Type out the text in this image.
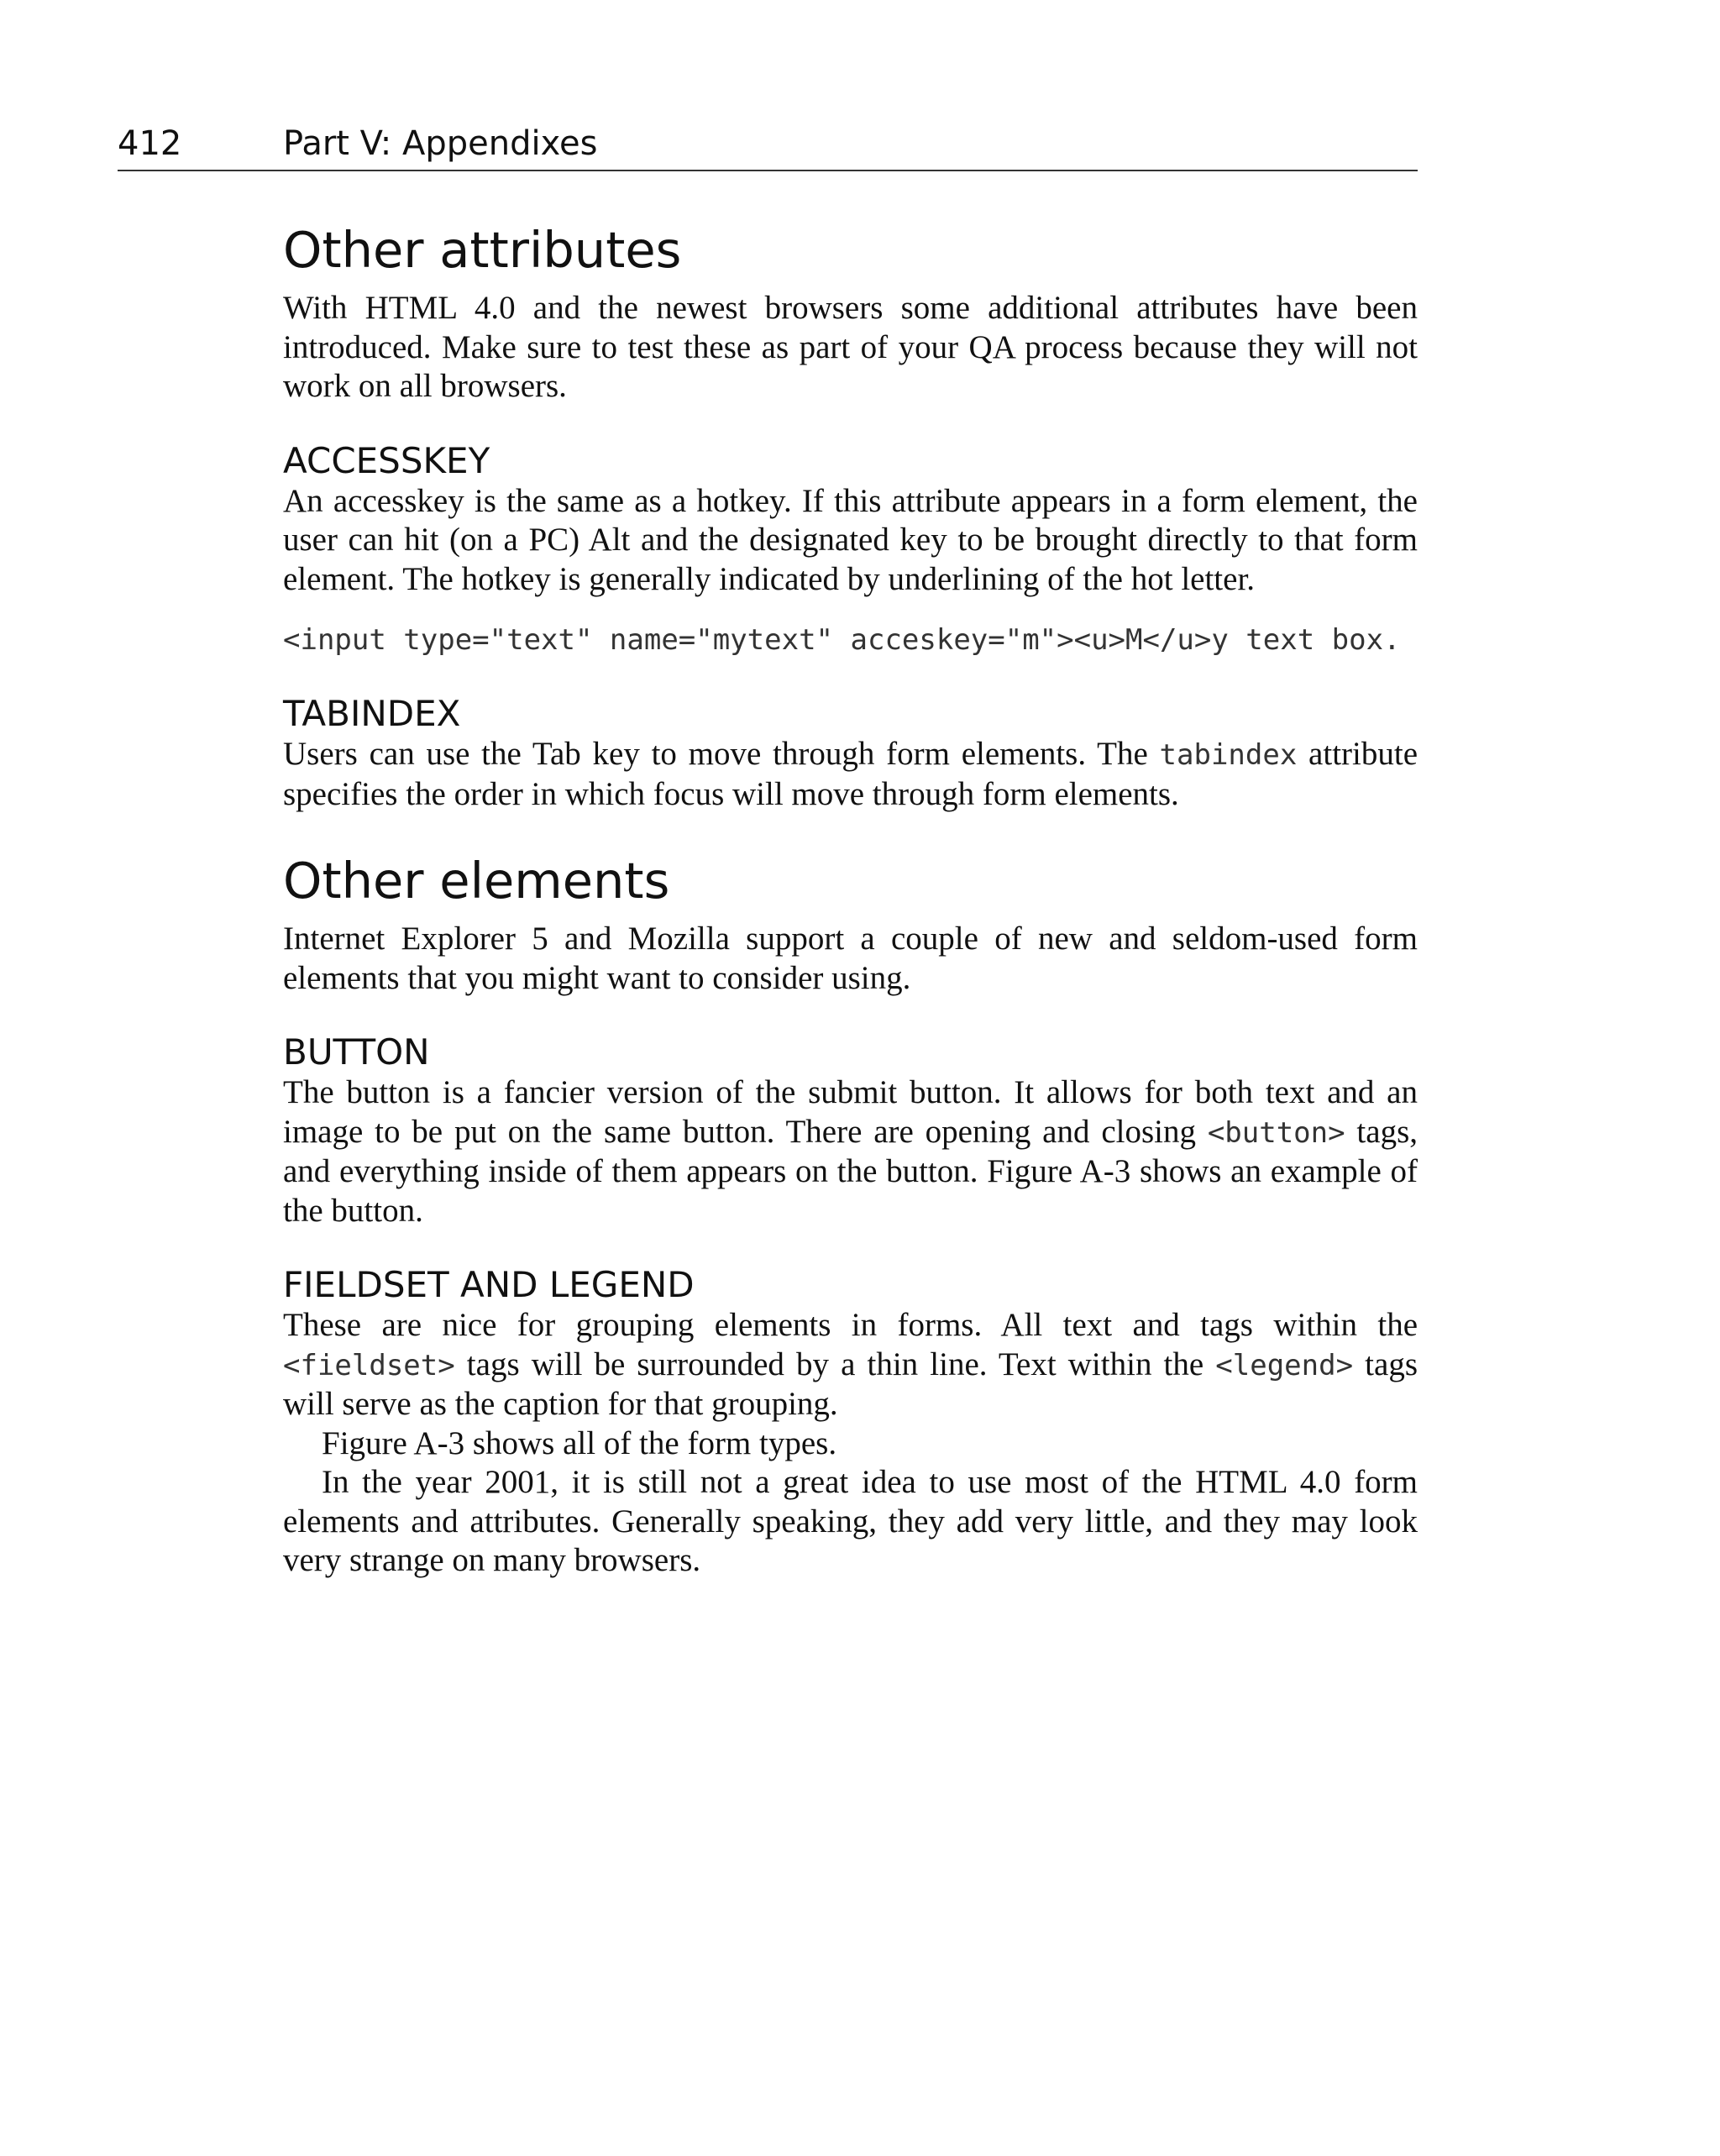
412	Part V: Appendixes
Other attributes

With HTML 4.0 and the newest browsers some additional attributes have been introduced. Make sure to test these as part of your QA process because they will not work on all browsers.

ACCESSKEY

An accesskey is the same as a hotkey. If this attribute appears in a form element, the user can hit (on a PC) Alt and the designated key to be brought directly to that form element. The hotkey is generally indicated by underlining of the hot letter.

<input type="text" name="mytext" acceskey="m"><u>M</u>y text box.
TABINDEX

Users can use the Tab key to move through form elements. The tabindex attribute specifies the order in which focus will move through form elements.

Other elements

Internet Explorer 5 and Mozilla support a couple of new and seldom-used form elements that you might want to consider using.

BUTTON

The button is a fancier version of the submit button. It allows for both text and an image to be put on the same button. There are opening and closing <button> tags, and everything inside of them appears on the button. Figure A-3 shows an example of the button.

FIELDSET AND LEGEND

These are nice for grouping elements in forms. All text and tags within the <fieldset> tags will be surrounded by a thin line. Text within the <legend> tags will serve as the caption for that grouping.

Figure A-3 shows all of the form types.

In the year 2001, it is still not a great idea to use most of the HTML 4.0 form elements and attributes. Generally speaking, they add very little, and they may look very strange on many browsers.
